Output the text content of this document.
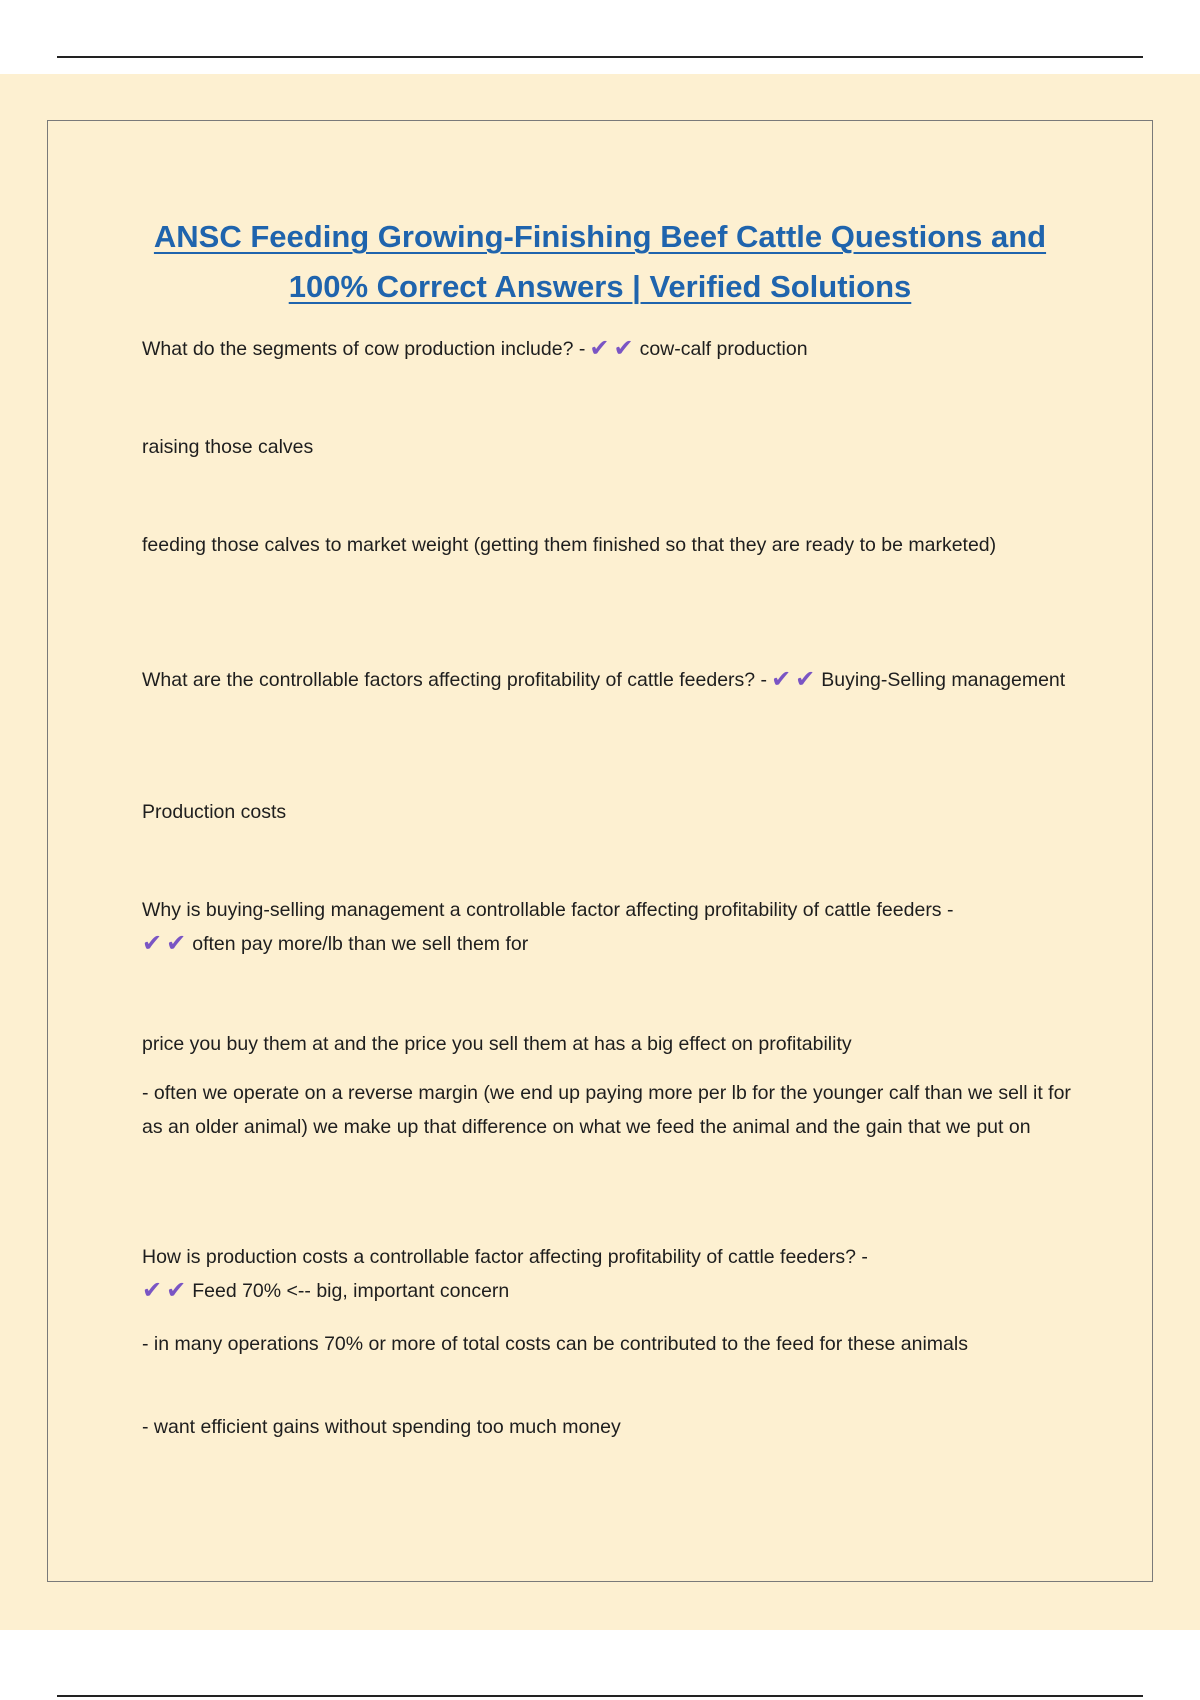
ANSC Feeding Growing-Finishing Beef Cattle Questions and 100% Correct Answers | Verified Solutions

What do the segments of cow production include? - ✔ ✔ cow-calf production

raising those calves

feeding those calves to market weight (getting them finished so that they are ready to be marketed)

What are the controllable factors affecting profitability of cattle feeders? - ✔ ✔ Buying-Selling management

Production costs

Why is buying-selling management a controllable factor affecting profitability of cattle feeders -
✔ ✔ often pay more/lb than we sell them for

price you buy them at and the price you sell them at has a big effect on profitability

- often we operate on a reverse margin (we end up paying more per lb for the younger calf than we sell it for as an older animal) we make up that difference on what we feed the animal and the gain that we put on

How is production costs a controllable factor affecting profitability of cattle feeders? -
✔ ✔ Feed 70% <-- big, important concern

- in many operations 70% or more of total costs can be contributed to the feed for these animals

- want efficient gains without spending too much money
